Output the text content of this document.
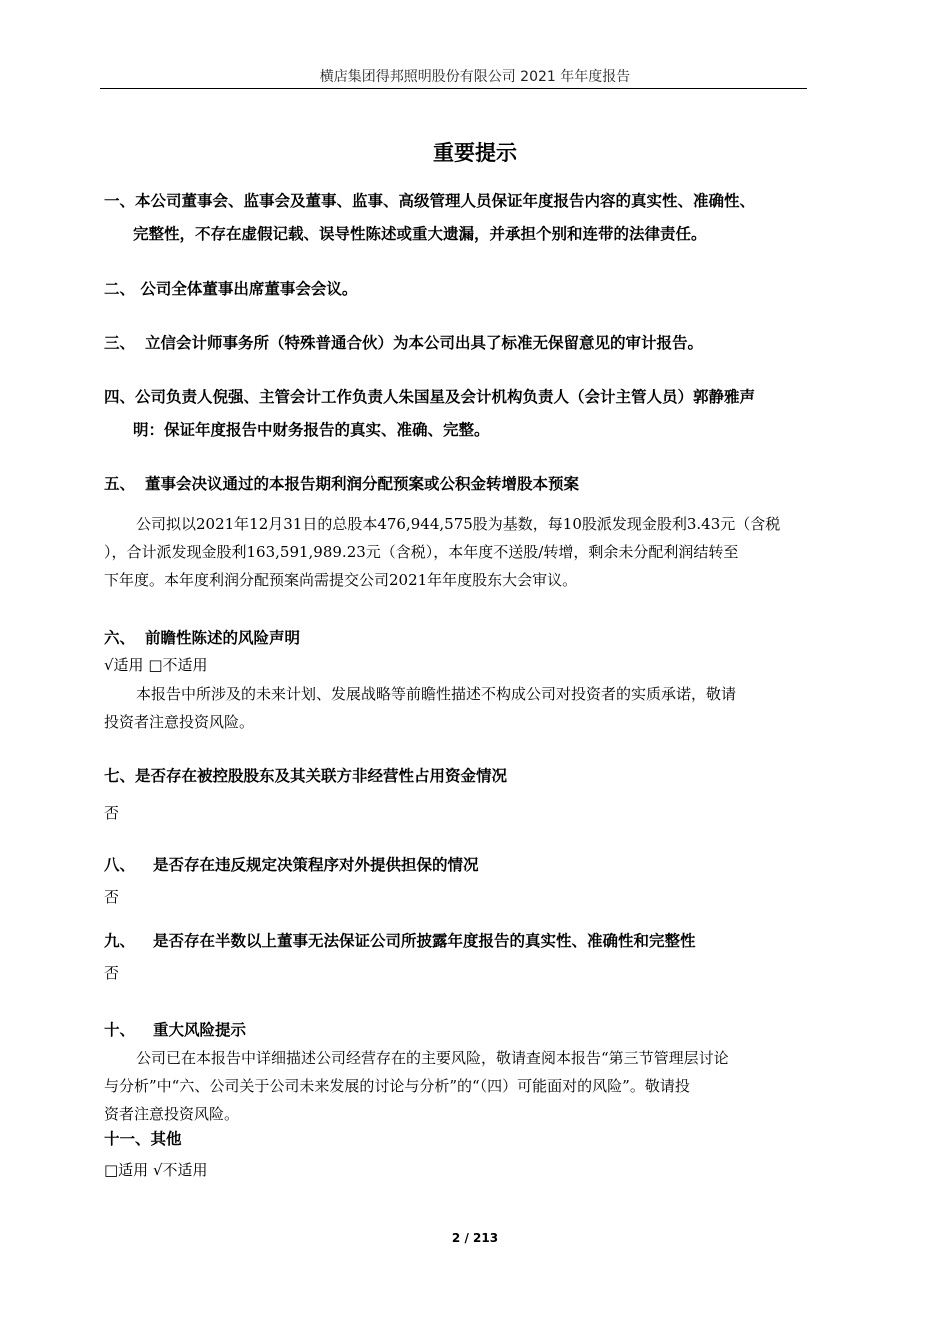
横店集团得邦照明股份有限公司 2021 年年度报告
重要提示
一、本公司董事会、监事会及董事、监事、高级管理人员保证年度报告内容的真实性、准确性、
完整性，不存在虚假记载、误导性陈述或重大遗漏，并承担个别和连带的法律责任。
二、 公司全体董事出席董事会会议。
三、 立信会计师事务所（特殊普通合伙）为本公司出具了标准无保留意见的审计报告。
四、公司负责人倪强、主管会计工作负责人朱国星及会计机构负责人（会计主管人员）郭静雅声
明：保证年度报告中财务报告的真实、准确、完整。
五、 董事会决议通过的本报告期利润分配预案或公积金转增股本预案
公司拟以2021年12月31日的总股本476,944,575股为基数，每10股派发现金股利3.43元（含税
），合计派发现金股利163,591,989.23元（含税），本年度不送股/转增，剩余未分配利润结转至
下年度。本年度利润分配预案尚需提交公司2021年年度股东大会审议。
六、 前瞻性陈述的风险声明
√适用 □不适用
本报告中所涉及的未来计划、发展战略等前瞻性描述不构成公司对投资者的实质承诺，敬请
投资者注意投资风险。
七、是否存在被控股股东及其关联方非经营性占用资金情况
否
八、 是否存在违反规定决策程序对外提供担保的情况
否
九、 是否存在半数以上董事无法保证公司所披露年度报告的真实性、准确性和完整性
否
十、 重大风险提示
公司已在本报告中详细描述公司经营存在的主要风险，敬请查阅本报告“第三节管理层讨论
与分析”中“六、公司关于公司未来发展的讨论与分析”的“（四）可能面对的风险”。敬请投
资者注意投资风险。
十一、其他
□适用 √不适用
2 / 213
